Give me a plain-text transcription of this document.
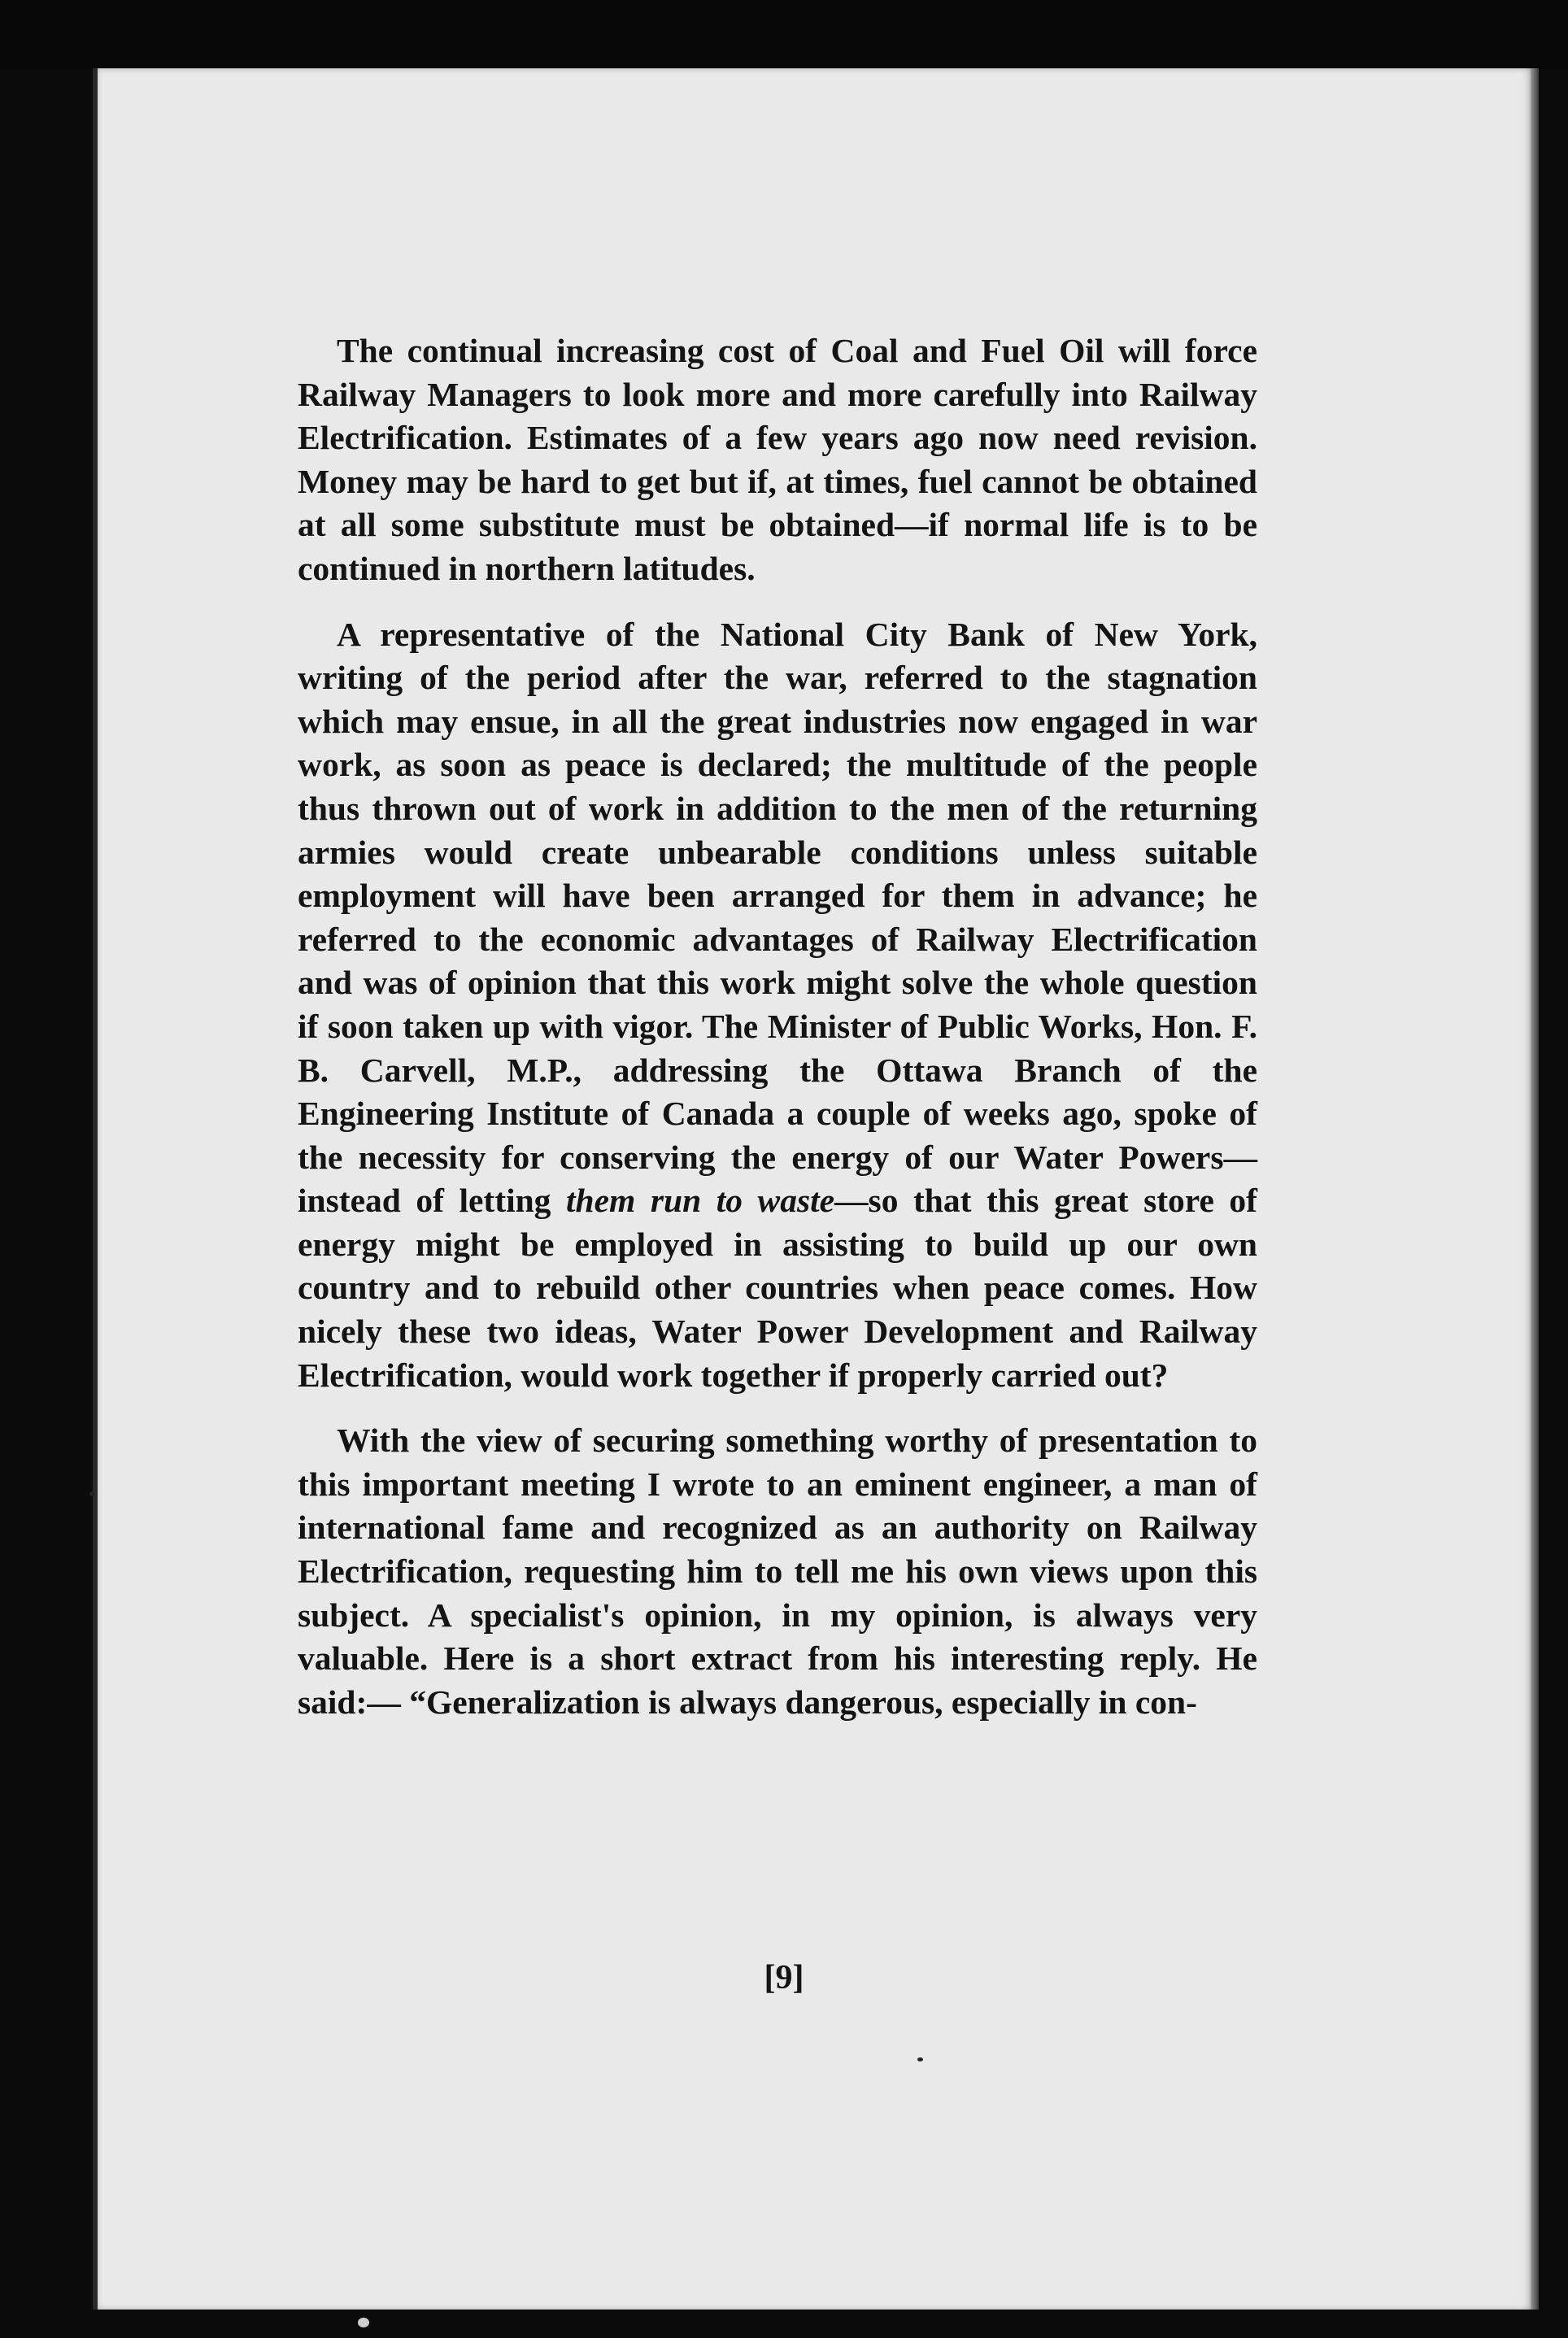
The continual increasing cost of Coal and Fuel Oil will force Railway Managers to look more and more carefully into Railway Electrification. Estimates of a few years ago now need revision. Money may be hard to get but if, at times, fuel cannot be obtained at all some substitute must be obtained—if normal life is to be continued in northern latitudes.

A representative of the National City Bank of New York, writing of the period after the war, referred to the stagnation which may ensue, in all the great industries now engaged in war work, as soon as peace is declared; the multitude of the people thus thrown out of work in addition to the men of the returning armies would create unbearable conditions unless suitable employment will have been arranged for them in advance; he referred to the economic advantages of Railway Electrification and was of opinion that this work might solve the whole question if soon taken up with vigor. The Minister of Public Works, Hon. F. B. Carvell, M.P., addressing the Ottawa Branch of the Engineering Institute of Canada a couple of weeks ago, spoke of the necessity for conserving the energy of our Water Powers—instead of letting them run to waste—so that this great store of energy might be employed in assisting to build up our own country and to rebuild other countries when peace comes. How nicely these two ideas, Water Power Development and Railway Electrification, would work together if properly carried out?

With the view of securing something worthy of presentation to this important meeting I wrote to an eminent engineer, a man of international fame and recognized as an authority on Railway Electrification, requesting him to tell me his own views upon this subject. A specialist's opinion, in my opinion, is always very valuable. Here is a short extract from his interesting reply. He said:— “Generalization is always dangerous, especially in con-

[9]
